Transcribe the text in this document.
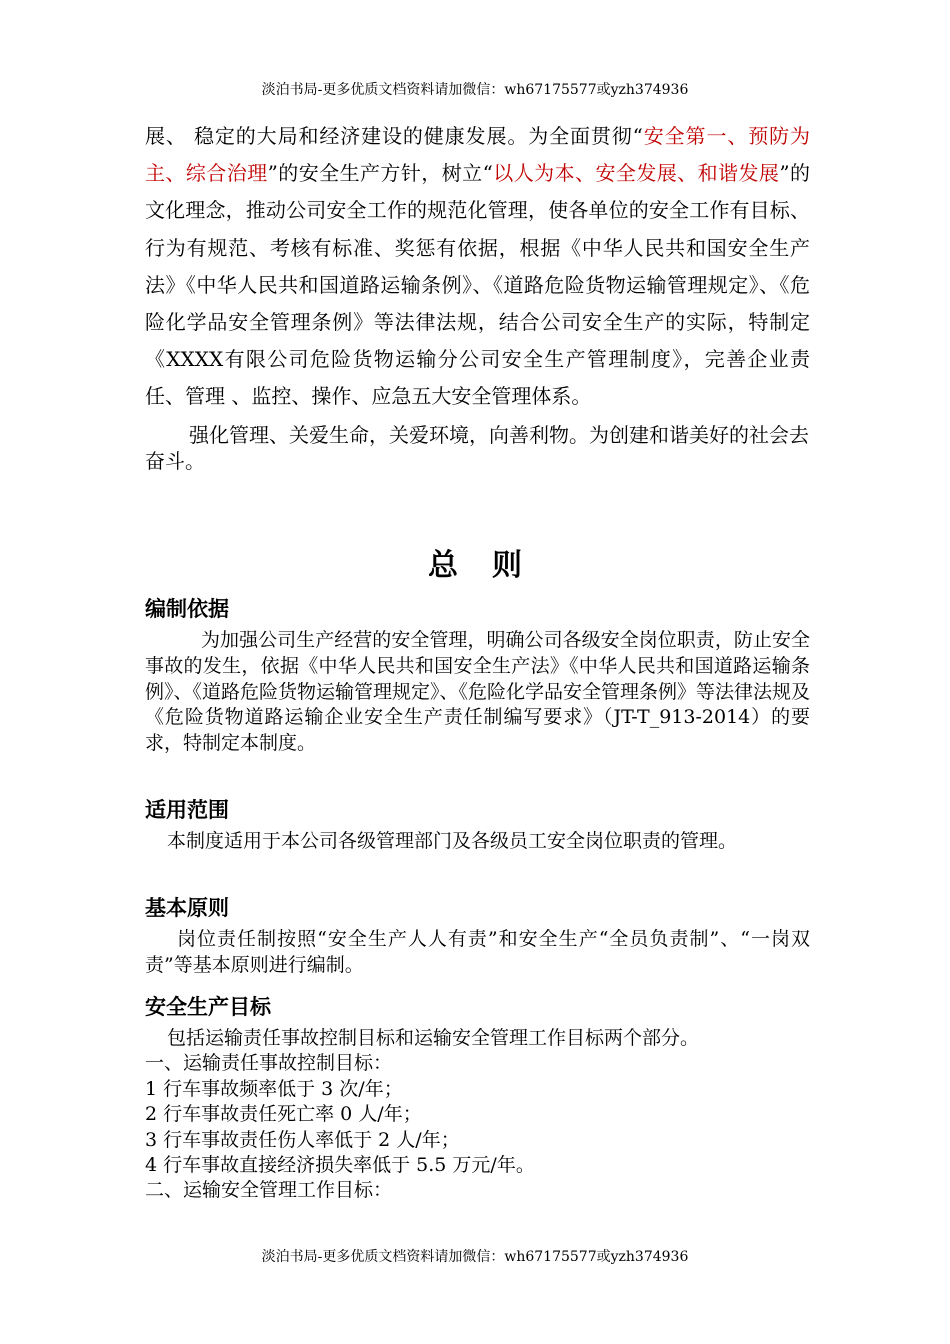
淡泊书局-更多优质文档资料请加微信：wh67175577或yzh374936

展、 稳定的大局和经济建设的健康发展。为全面贯彻“安全第一、预防为主、综合治理”的安全生产方针，树立“以人为本、安全发展、和谐发展”的文化理念，推动公司安全工作的规范化管理，使各单位的安全工作有目标、行为有规范、考核有标准、奖惩有依据，根据《中华人民共和国安全生产法》《中华人民共和国道路运输条例》、《道路危险货物运输管理规定》、《危险化学品安全管理条例》等法律法规，结合公司安全生产的实际，特制定《XXXX有限公司危险货物运输分公司安全生产管理制度》，完善企业责任、管理 、监控、操作、应急五大安全管理体系。

强化管理、关爱生命，关爱环境，向善利物。为创建和谐美好的社会去奋斗。

总 则
编制依据

为加强公司生产经营的安全管理，明确公司各级安全岗位职责，防止安全事故的发生，依据《中华人民共和国安全生产法》《中华人民共和国道路运输条例》、《道路危险货物运输管理规定》、《危险化学品安全管理条例》等法律法规及《危险货物道路运输企业安全生产责任制编写要求》（JT-T_913-2014）的要求，特制定本制度。

适用范围

本制度适用于本公司各级管理部门及各级员工安全岗位职责的管理。

基本原则

岗位责任制按照“安全生产人人有责”和安全生产“全员负责制”、“一岗双责”等基本原则进行编制。

安全生产目标

包括运输责任事故控制目标和运输安全管理工作目标两个部分。

一、运输责任事故控制目标：

1 行车事故频率低于 3 次/年；

2 行车事故责任死亡率 0 人/年；

3 行车事故责任伤人率低于 2 人/年；

4 行车事故直接经济损失率低于 5.5 万元/年。

二、运输安全管理工作目标：

淡泊书局-更多优质文档资料请加微信：wh67175577或yzh374936
